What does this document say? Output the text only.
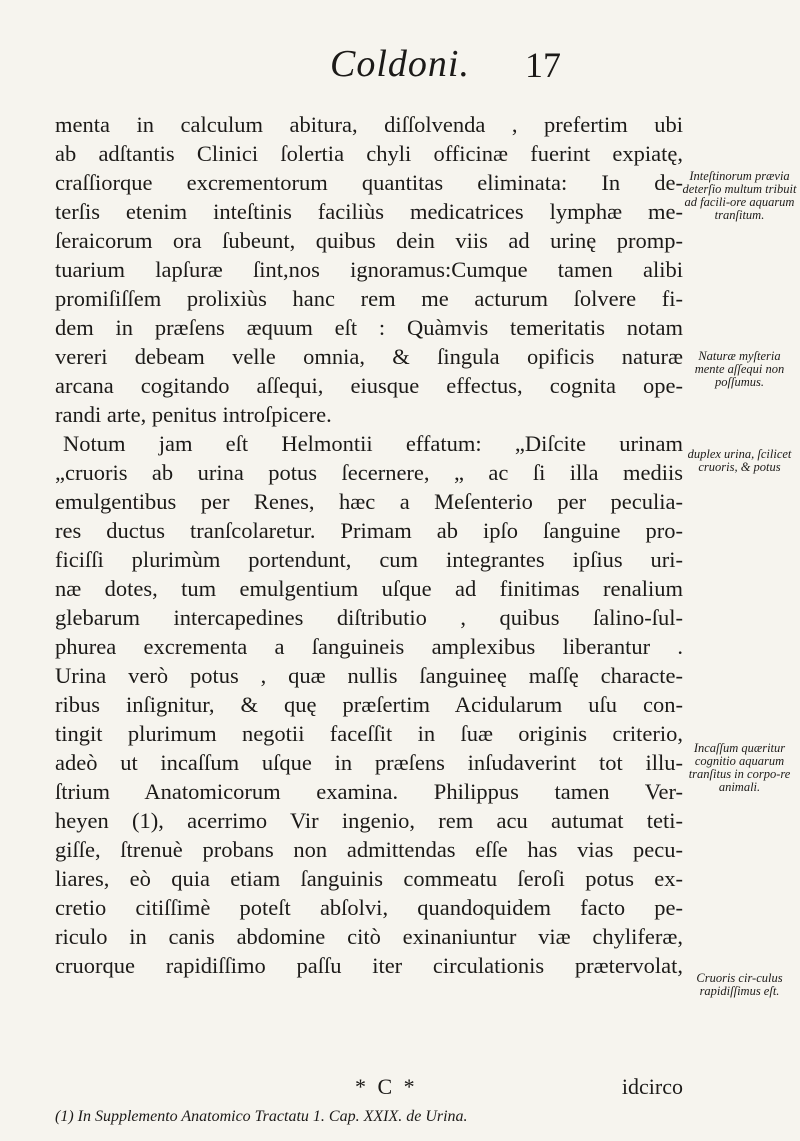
Coldoni.	17
menta in calculum abitura, diſſolvenda , prefertim ubi
ab adſtantis Clinici ſolertia chyli officinæ fuerint expiatę,
craſſiorque excrementorum quantitas eliminata: In de-
terſis etenim inteſtinis faciliùs medicatrices lymphæ me-
ſeraicorum ora ſubeunt, quibus dein viis ad urinę promp-
tuarium lapſuræ ſint,nos ignoramus:Cumque tamen alibi
promiſiſſem prolixiùs hanc rem me acturum ſolvere fi-
dem in præſens æquum eſt : Quàmvis temeritatis notam
vereri debeam velle omnia, & ſingula opificis naturæ
arcana cogitando aſſequi, eiusque effectus, cognita ope-
randi arte, penitus introſpicere.
Notum jam eſt Helmontii effatum: „Diſcite urinam
„cruoris ab urina potus ſecernere, „ ac ſi illa mediis
emulgentibus per Renes, hæc a Meſenterio per peculia-
res ductus tranſcolaretur. Primam ab ipſo ſanguine pro-
ficiſſi plurimùm portendunt, cum integrantes ipſius uri-
næ dotes, tum emulgentium uſque ad finitimas renalium
glebarum intercapedines diſtributio , quibus ſalino-ſul-
phurea excrementa a ſanguineis amplexibus liberantur .
Urina verò potus , quæ nullis ſanguineę maſſę characte-
ribus inſignitur, & quę præſertim Acidularum uſu con-
tingit plurimum negotii faceſſit in ſuæ originis criterio,
adeò ut incaſſum uſque in præſens inſudaverint tot illu-
ſtrium Anatomicorum examina. Philippus tamen Ver-
heyen (1), acerrimo Vir ingenio, rem acu autumat teti-
giſſe, ſtrenuè probans non admittendas eſſe has vias pecu-
liares, eò quia etiam ſanguinis commeatu ſeroſi potus ex-
cretio citiſſimè poteſt abſolvi, quandoquidem facto pe-
riculo in canis abdomine citò exinaniuntur viæ chyliferæ,
cruorque rapidiſſimo paſſu iter circulationis prætervolat,
* C *	idcirco
Inteſtinorum prævia deterſio multum tribuit ad facili-ore aquarum tranſitum.
Naturæ myſteria mente aſſequi non poſſumus.
duplex urina, ſcilicet cruoris, & potus
Incaſſum quæritur cognitio aquarum tranſitus in corpo-re animali.
Cruoris cir-culus rapidiſſimus eſt.
(1) In Supplemento Anatomico Tractatu 1. Cap. XXIX. de Urina.
